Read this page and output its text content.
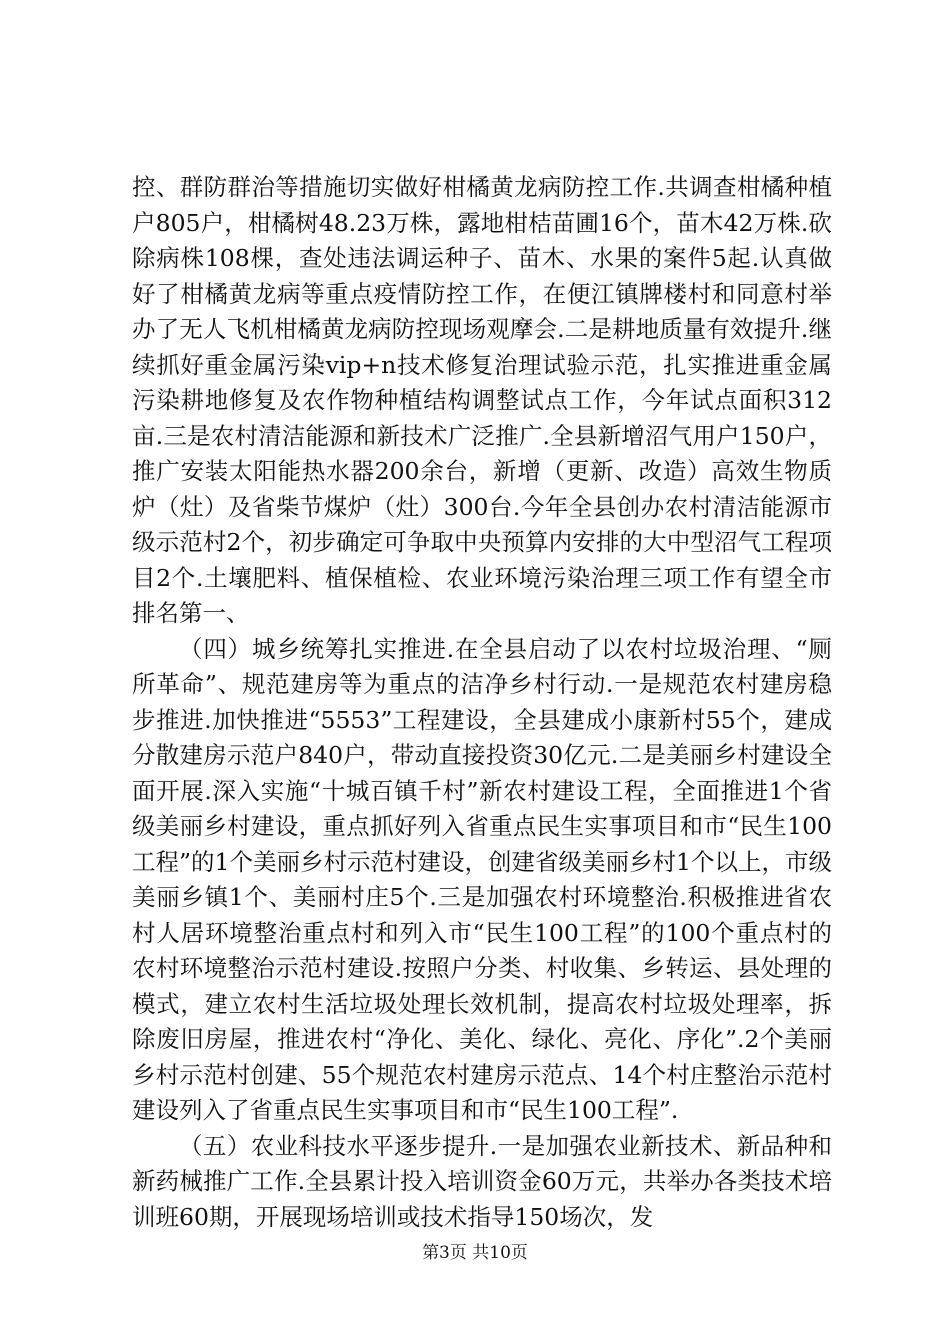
控、群防群治等措施切实做好柑橘黄龙病防控工作.共调查柑橘种植户805户，柑橘树48.23万株，露地柑桔苗圃16个，苗木42万株.砍除病株108棵，查处违法调运种子、苗木、水果的案件5起.认真做好了柑橘黄龙病等重点疫情防控工作，在便江镇牌楼村和同意村举办了无人飞机柑橘黄龙病防控现场观摩会.二是耕地质量有效提升.继续抓好重金属污染vip+n技术修复治理试验示范，扎实推进重金属污染耕地修复及农作物种植结构调整试点工作，今年试点面积312亩.三是农村清洁能源和新技术广泛推广.全县新增沼气用户150户，推广安装太阳能热水器200余台，新增（更新、改造）高效生物质炉（灶）及省柴节煤炉（灶）300台.今年全县创办农村清洁能源市级示范村2个，初步确定可争取中央预算内安排的大中型沼气工程项目2个.土壤肥料、植保植检、农业环境污染治理三项工作有望全市排名第一、

（四）城乡统筹扎实推进.在全县启动了以农村垃圾治理、“厕所革命”、规范建房等为重点的洁净乡村行动.一是规范农村建房稳步推进.加快推进“5553”工程建设，全县建成小康新村55个，建成分散建房示范户840户，带动直接投资30亿元.二是美丽乡村建设全面开展.深入实施“十城百镇千村”新农村建设工程，全面推进1个省级美丽乡村建设，重点抓好列入省重点民生实事项目和市“民生100工程”的1个美丽乡村示范村建设，创建省级美丽乡村1个以上，市级美丽乡镇1个、美丽村庄5个.三是加强农村环境整治.积极推进省农村人居环境整治重点村和列入市“民生100工程”的100个重点村的农村环境整治示范村建设.按照户分类、村收集、乡转运、县处理的模式，建立农村生活垃圾处理长效机制，提高农村垃圾处理率，拆除废旧房屋，推进农村“净化、美化、绿化、亮化、序化”.2个美丽乡村示范村创建、55个规范农村建房示范点、14个村庄整治示范村建设列入了省重点民生实事项目和市“民生100工程”.

（五）农业科技水平逐步提升.一是加强农业新技术、新品种和新药械推广工作.全县累计投入培训资金60万元，共举办各类技术培训班60期，开展现场培训或技术指导150场次，发

第3页 共10页
